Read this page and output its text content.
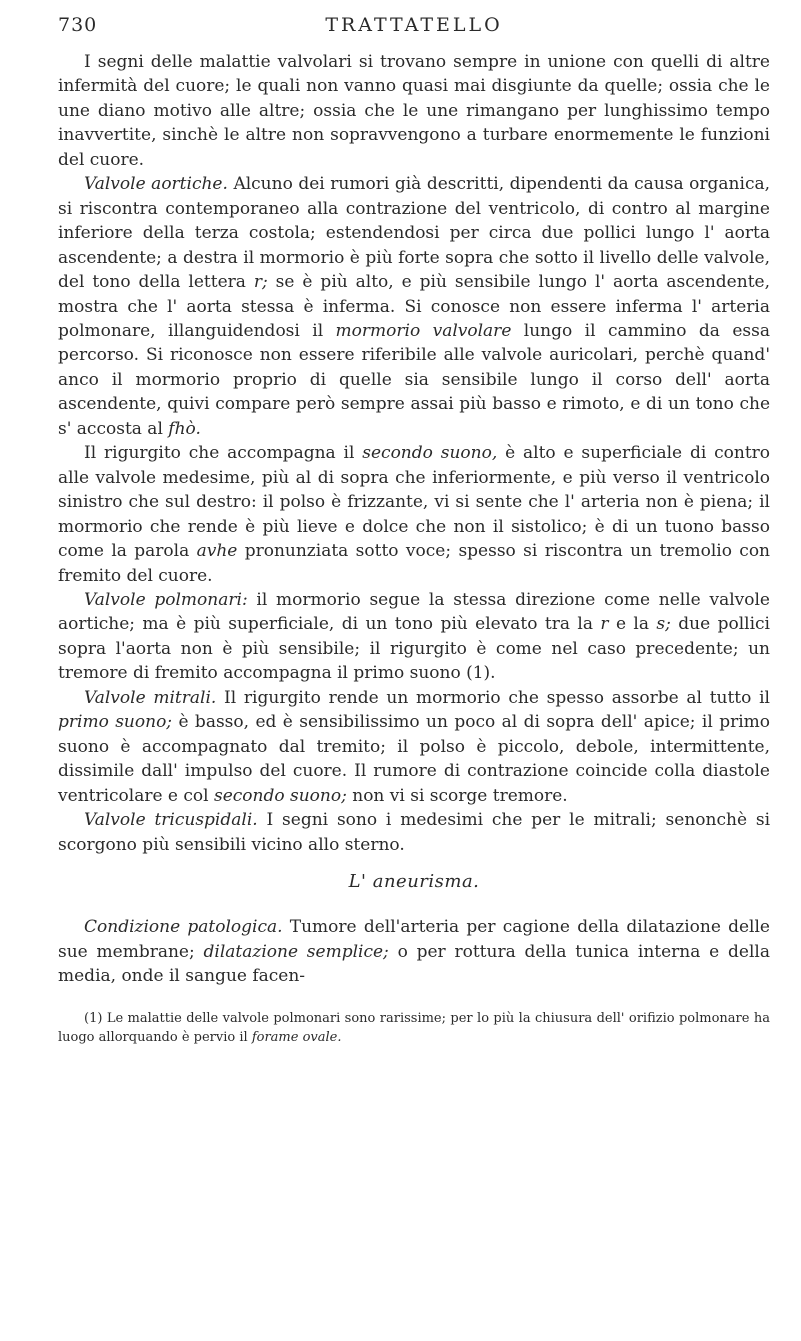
730	TRATTATELLO

I segni delle malattie valvolari si trovano sempre in unione con quelli di altre infermità del cuore; le quali non vanno quasi mai disgiunte da quelle; ossia che le une diano motivo alle altre; ossia che le une rimangano per lunghissimo tempo inavvertite, sinchè le altre non sopravvengono a turbare enormemente le funzioni del cuore.

Valvole aortiche. Alcuno dei rumori già descritti, dipendenti da causa organica, si riscontra contemporaneo alla contrazione del ventricolo, di contro al margine inferiore della terza costola; estendendosi per circa due pollici lungo l' aorta ascendente; a destra il mormorio è più forte sopra che sotto il livello delle valvole, del tono della lettera r; se è più alto, e più sensibile lungo l' aorta ascendente, mostra che l' aorta stessa è inferma. Si conosce non essere inferma l' arteria polmonare, illanguidendosi il mormorio valvolare lungo il cammino da essa percorso. Si riconosce non essere riferibile alle valvole auricolari, perchè quand' anco il mormorio proprio di quelle sia sensibile lungo il corso dell' aorta ascendente, quivi compare però sempre assai più basso e rimoto, e di un tono che s' accosta al fhò.

Il rigurgito che accompagna il secondo suono, è alto e superficiale di contro alle valvole medesime, più al di sopra che inferiormente, e più verso il ventricolo sinistro che sul destro: il polso è frizzante, vi si sente che l' arteria non è piena; il mormorio che rende è più lieve e dolce che non il sistolico; è di un tuono basso come la parola avhe pronunziata sotto voce; spesso si riscontra un tremolio con fremito del cuore.

Valvole polmonari: il mormorio segue la stessa direzione come nelle valvole aortiche; ma è più superficiale, di un tono più elevato tra la r e la s; due pollici sopra l'aorta non è più sensibile; il rigurgito è come nel caso precedente; un tremore di fremito accompagna il primo suono (1).

Valvole mitrali. Il rigurgito rende un mormorio che spesso assorbe al tutto il primo suono; è basso, ed è sensibilissimo un poco al di sopra dell' apice; il primo suono è accompagnato dal tremito; il polso è piccolo, debole, intermittente, dissimile dall' impulso del cuore. Il rumore di contrazione coincide colla diastole ventricolare e col secondo suono; non vi si scorge tremore.

Valvole tricuspidali. I segni sono i medesimi che per le mitrali; senonchè si scorgono più sensibili vicino allo sterno.

L' aneurisma.

Condizione patologica. Tumore dell'arteria per cagione della dilatazione delle sue membrane; dilatazione semplice; o per rottura della tunica interna e della media, onde il sangue facen-

(1) Le malattie delle valvole polmonari sono rarissime; per lo più la chiusura dell' orifizio polmonare ha luogo allorquando è pervio il forame ovale.
